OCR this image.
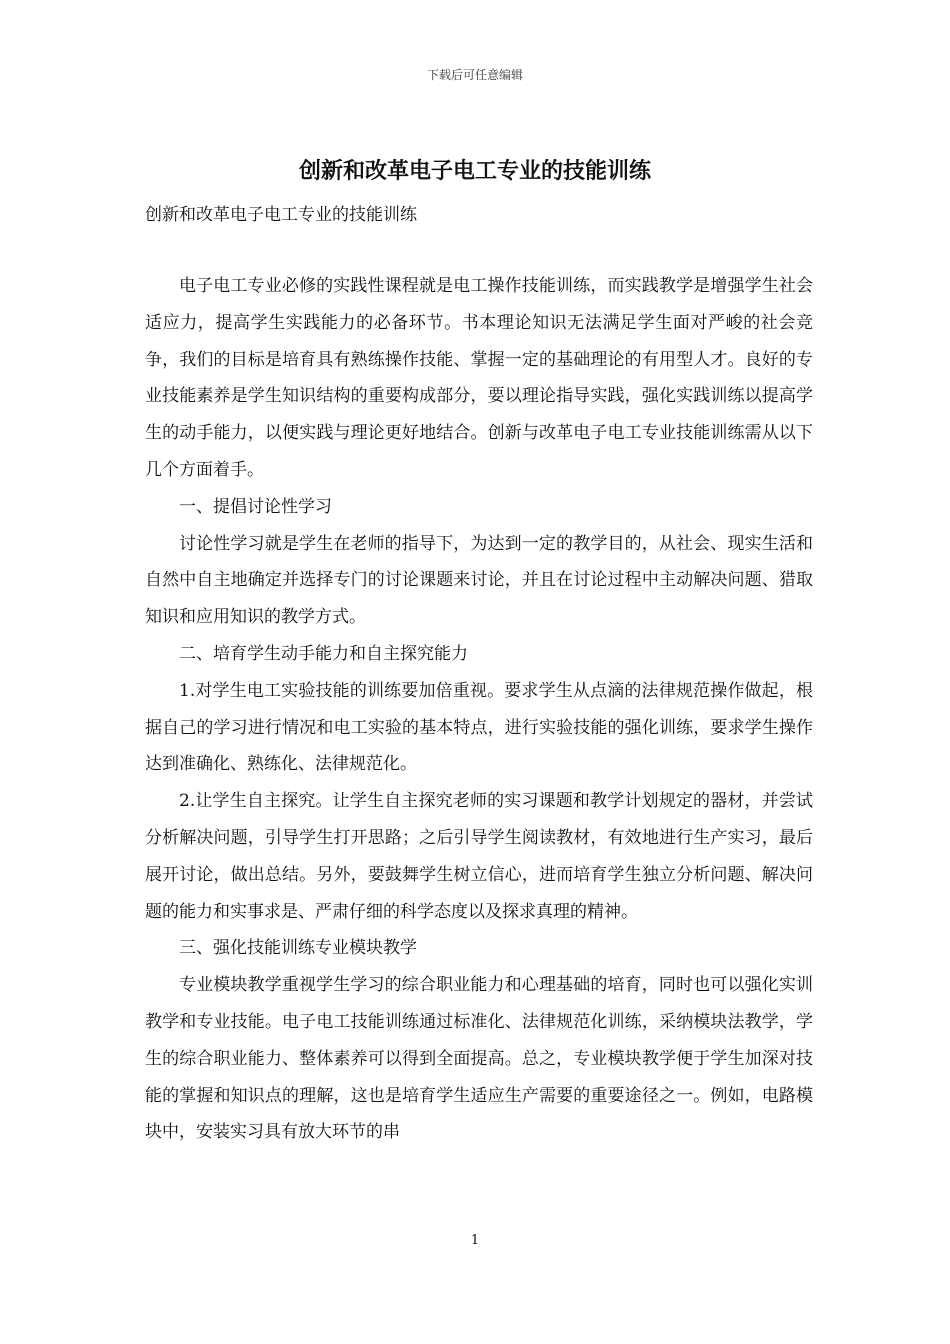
下载后可任意编辑
创新和改革电子电工专业的技能训练
创新和改革电子电工专业的技能训练

电子电工专业必修的实践性课程就是电工操作技能训练，而实践教学是增强学生社会适应力，提高学生实践能力的必备环节。书本理论知识无法满足学生面对严峻的社会竞争，我们的目标是培育具有熟练操作技能、掌握一定的基础理论的有用型人才。良好的专业技能素养是学生知识结构的重要构成部分，要以理论指导实践，强化实践训练以提高学生的动手能力，以便实践与理论更好地结合。创新与改革电子电工专业技能训练需从以下几个方面着手。

一、提倡讨论性学习

讨论性学习就是学生在老师的指导下，为达到一定的教学目的，从社会、现实生活和自然中自主地确定并选择专门的讨论课题来讨论，并且在讨论过程中主动解决问题、猎取知识和应用知识的教学方式。

二、培育学生动手能力和自主探究能力

1.对学生电工实验技能的训练要加倍重视。要求学生从点滴的法律规范操作做起，根据自己的学习进行情况和电工实验的基本特点，进行实验技能的强化训练，要求学生操作达到准确化、熟练化、法律规范化。

2.让学生自主探究。让学生自主探究老师的实习课题和教学计划规定的器材，并尝试分析解决问题，引导学生打开思路；之后引导学生阅读教材，有效地进行生产实习，最后展开讨论，做出总结。另外，要鼓舞学生树立信心，进而培育学生独立分析问题、解决问题的能力和实事求是、严肃仔细的科学态度以及探求真理的精神。

三、强化技能训练专业模块教学

专业模块教学重视学生学习的综合职业能力和心理基础的培育，同时也可以强化实训教学和专业技能。电子电工技能训练通过标准化、法律规范化训练，采纳模块法教学，学生的综合职业能力、整体素养可以得到全面提高。总之，专业模块教学便于学生加深对技能的掌握和知识点的理解，这也是培育学生适应生产需要的重要途径之一。例如，电路模块中，安装实习具有放大环节的串

1
